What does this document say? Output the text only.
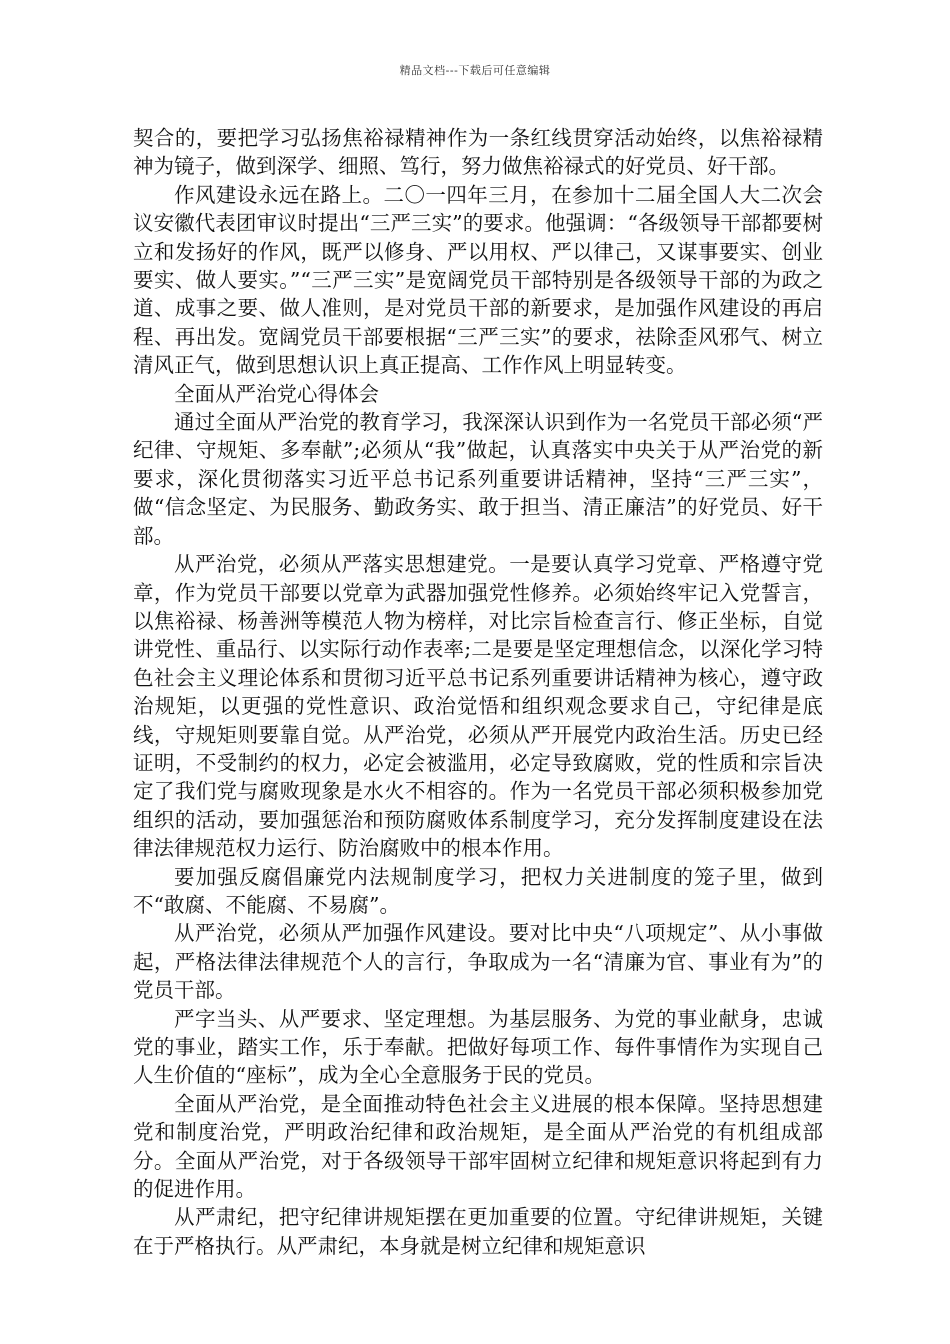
精品文档---下载后可任意编辑

契合的，要把学习弘扬焦裕禄精神作为一条红线贯穿活动始终，以焦裕禄精神为镜子，做到深学、细照、笃行，努力做焦裕禄式的好党员、好干部。

作风建设永远在路上。二〇一四年三月，在参加十二届全国人大二次会议安徽代表团审议时提出“三严三实”的要求。他强调：“各级领导干部都要树立和发扬好的作风，既严以修身、严以用权、严以律己，又谋事要实、创业要实、做人要实。”“三严三实”是宽阔党员干部特别是各级领导干部的为政之道、成事之要、做人准则，是对党员干部的新要求，是加强作风建设的再启程、再出发。宽阔党员干部要根据“三严三实”的要求，祛除歪风邪气、树立清风正气，做到思想认识上真正提高、工作作风上明显转变。

全面从严治党心得体会

通过全面从严治党的教育学习，我深深认识到作为一名党员干部必须“严纪律、守规矩、多奉献”;必须从“我”做起，认真落实中央关于从严治党的新要求，深化贯彻落实习近平总书记系列重要讲话精神，坚持“三严三实”，做“信念坚定、为民服务、勤政务实、敢于担当、清正廉洁”的好党员、好干部。

从严治党，必须从严落实思想建党。一是要认真学习党章、严格遵守党章，作为党员干部要以党章为武器加强党性修养。必须始终牢记入党誓言，以焦裕禄、杨善洲等模范人物为榜样，对比宗旨检查言行、修正坐标，自觉讲党性、重品行、以实际行动作表率;二是要是坚定理想信念，以深化学习特色社会主义理论体系和贯彻习近平总书记系列重要讲话精神为核心，遵守政治规矩，以更强的党性意识、政治觉悟和组织观念要求自己，守纪律是底线，守规矩则要靠自觉。从严治党，必须从严开展党内政治生活。历史已经证明，不受制约的权力，必定会被滥用，必定导致腐败，党的性质和宗旨决定了我们党与腐败现象是水火不相容的。作为一名党员干部必须积极参加党组织的活动，要加强惩治和预防腐败体系制度学习，充分发挥制度建设在法律法律规范权力运行、防治腐败中的根本作用。

要加强反腐倡廉党内法规制度学习，把权力关进制度的笼子里，做到不“敢腐、不能腐、不易腐”。

从严治党，必须从严加强作风建设。要对比中央“八项规定”、从小事做起，严格法律法律规范个人的言行，争取成为一名“清廉为官、事业有为”的党员干部。

严字当头、从严要求、坚定理想。为基层服务、为党的事业献身，忠诚党的事业，踏实工作，乐于奉献。把做好每项工作、每件事情作为实现自己人生价值的“座标”，成为全心全意服务于民的党员。

全面从严治党，是全面推动特色社会主义进展的根本保障。坚持思想建党和制度治党，严明政治纪律和政治规矩，是全面从严治党的有机组成部分。全面从严治党，对于各级领导干部牢固树立纪律和规矩意识将起到有力的促进作用。

从严肃纪，把守纪律讲规矩摆在更加重要的位置。守纪律讲规矩，关键在于严格执行。从严肃纪，本身就是树立纪律和规矩意识
